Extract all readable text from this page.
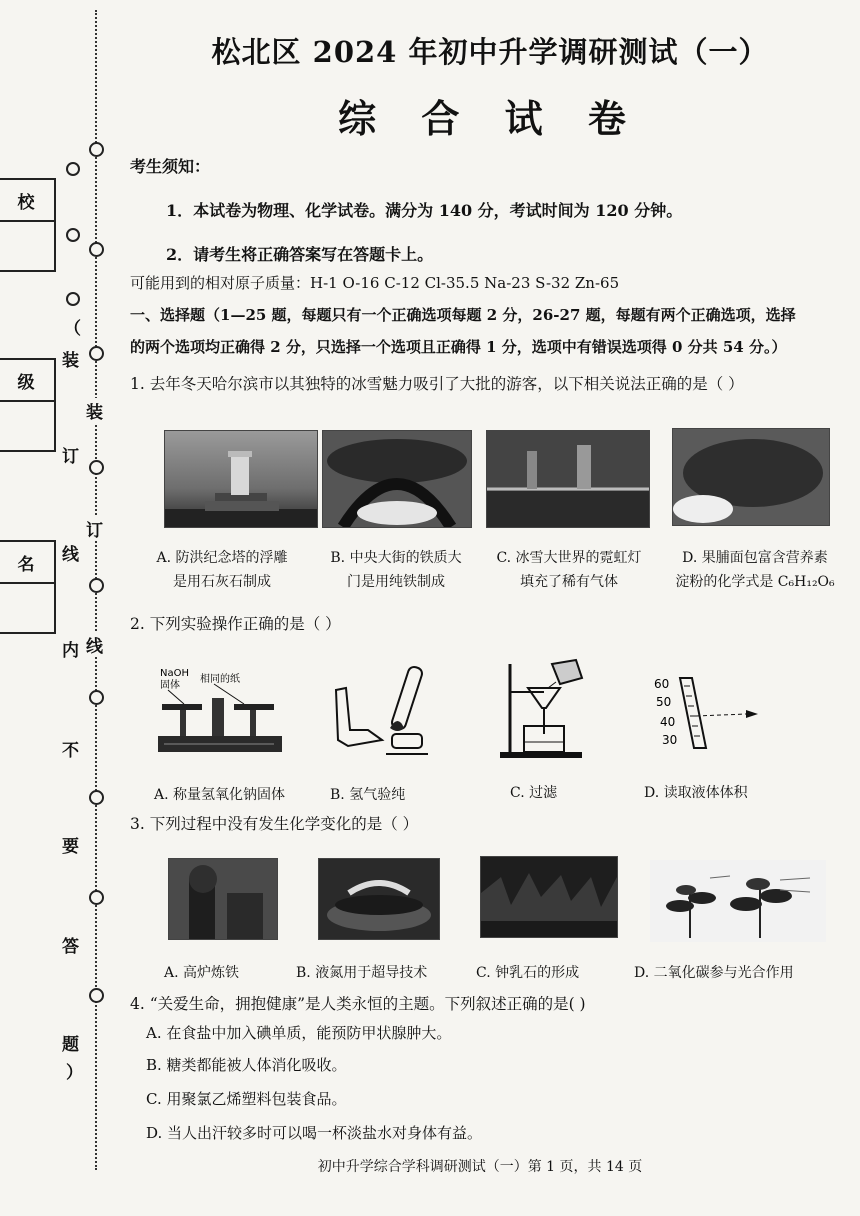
校
级
名
（
装
订
线
内
不
要
答
题
）
装
订
线
松北区 2024 年初中升学调研测试（一）
综 合 试 卷
考生须知：
1．本试卷为物理、化学试卷。满分为 140 分，考试时间为 120 分钟。
2．请考生将正确答案写在答题卡上。
可能用到的相对原子质量：H-1 O-16 C-12 Cl-35.5 Na-23 S-32 Zn-65
一、选择题（1—25 题，每题只有一个正确选项每题 2 分，26-27 题，每题有两个正确选项，选择
的两个选项均正确得 2 分，只选择一个选项且正确得 1 分，选项中有错误选项得 0 分共 54 分。）
1. 去年冬天哈尔滨市以其独特的冰雪魅力吸引了大批的游客，以下相关说法正确的是（ ）
A. 防洪纪念塔的浮雕
是用石灰石制成
B. 中央大街的铁质大
门是用纯铁制成
C. 冰雪大世界的霓虹灯
填充了稀有气体
D. 果脯面包富含营养素
淀粉的化学式是 C₆H₁₂O₆
2. 下列实验操作正确的是（ ）
NaOH
固体
相同的纸	60
50
40
30
A. 称量氢氧化钠固体	B. 氢气验纯	C. 过滤	D. 读取液体体积
3. 下列过程中没有发生化学变化的是（ ）
A. 高炉炼铁	B. 液氮用于超导技术	C. 钟乳石的形成	D. 二氧化碳参与光合作用
4. “关爱生命，拥抱健康”是人类永恒的主题。下列叙述正确的是( )
A. 在食盐中加入碘单质，能预防甲状腺肿大。
B. 糖类都能被人体消化吸收。
C. 用聚氯乙烯塑料包装食品。
D. 当人出汗较多时可以喝一杯淡盐水对身体有益。
初中升学综合学科调研测试（一）第 1 页，共 14 页
